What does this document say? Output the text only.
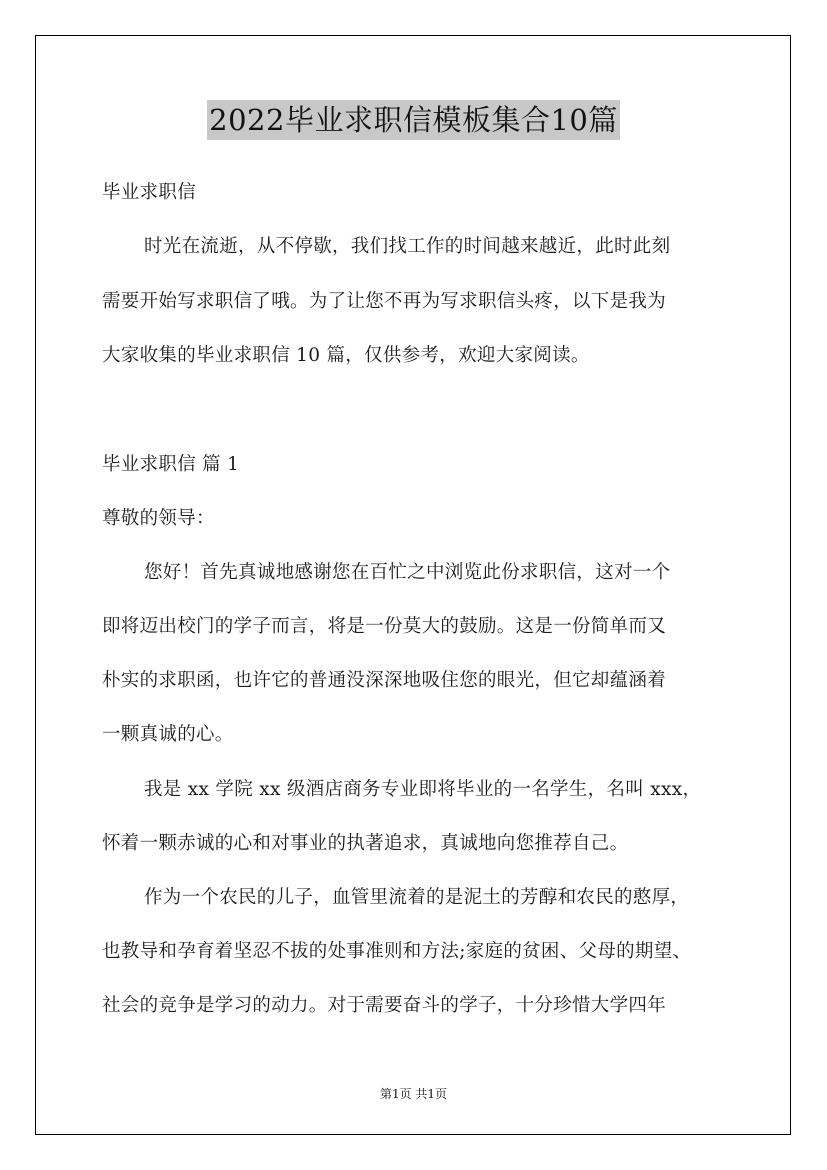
2022毕业求职信模板集合10篇
毕业求职信
时光在流逝，从不停歇，我们找工作的时间越来越近，此时此刻
需要开始写求职信了哦。为了让您不再为写求职信头疼，以下是我为
大家收集的毕业求职信 10 篇，仅供参考，欢迎大家阅读。
毕业求职信 篇 1
尊敬的领导：
您好！首先真诚地感谢您在百忙之中浏览此份求职信，这对一个
即将迈出校门的学子而言，将是一份莫大的鼓励。这是一份简单而又
朴实的求职函，也许它的普通没深深地吸住您的眼光，但它却蕴涵着
一颗真诚的心。
我是 xx 学院 xx 级酒店商务专业即将毕业的一名学生，名叫 xxx，
怀着一颗赤诚的心和对事业的执著追求，真诚地向您推荐自己。
作为一个农民的儿子，血管里流着的是泥土的芳醇和农民的憨厚，
也教导和孕育着坚忍不拔的处事准则和方法;家庭的贫困、父母的期望、
社会的竞争是学习的动力。对于需要奋斗的学子，十分珍惜大学四年
第1页 共1页
